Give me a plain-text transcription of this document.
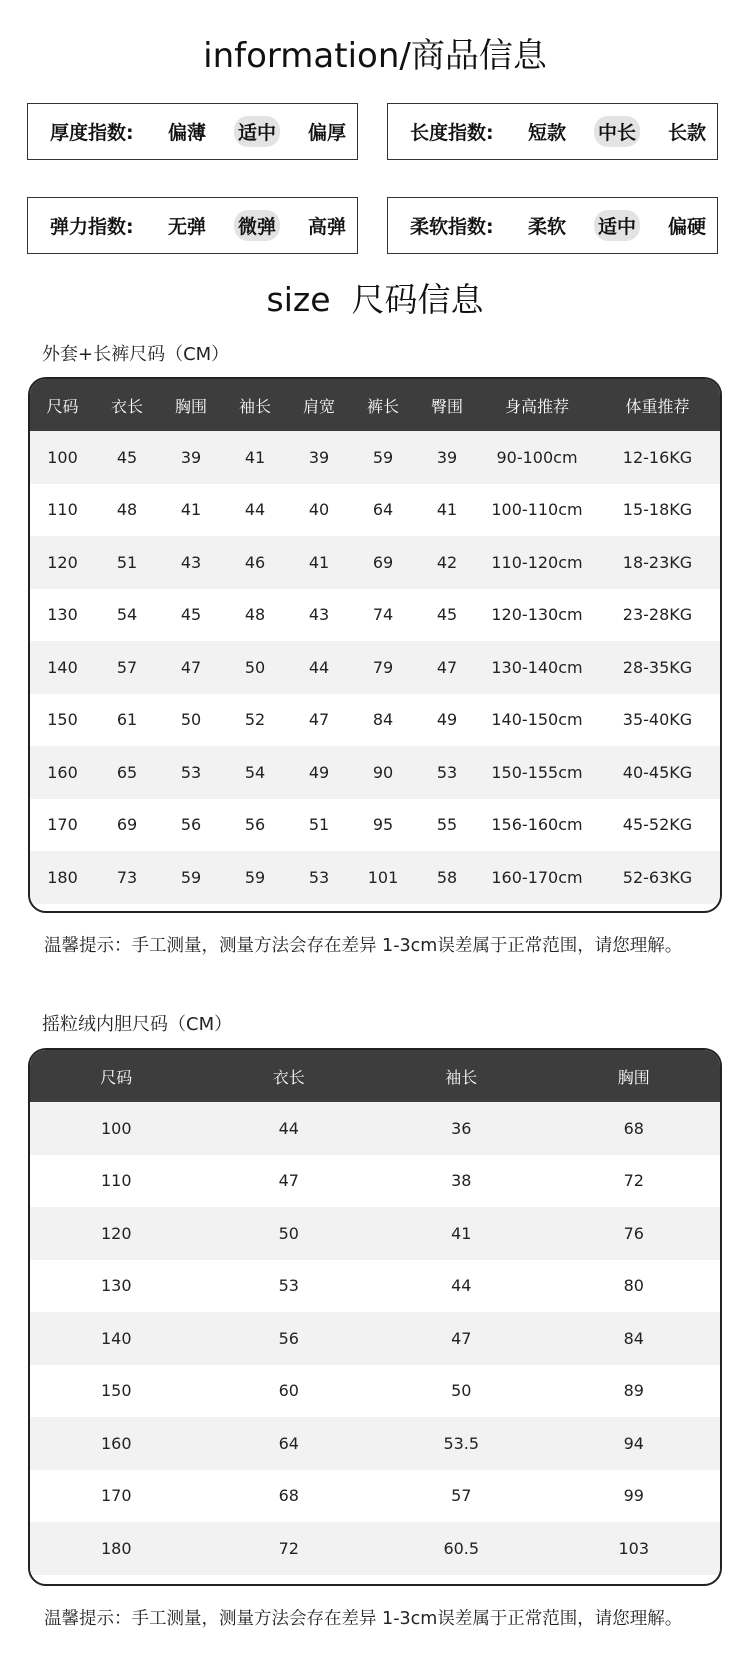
information/商品信息
厚度指数:	偏薄 适中 偏厚	长度指数:	短款 中长 长款
弹力指数:	无弹 微弹 高弹	柔软指数:	柔软 适中 偏硬
size  尺码信息
外套+长裤尺码（CM）
尺码	衣长	胸围	袖长	肩宽	裤长	臀围	身高推荐	体重推荐
100	45	39	41	39	59	39	90-100cm	12-16KG
110	48	41	44	40	64	41	100-110cm	15-18KG
120	51	43	46	41	69	42	110-120cm	18-23KG
130	54	45	48	43	74	45	120-130cm	23-28KG
140	57	47	50	44	79	47	130-140cm	28-35KG
150	61	50	52	47	84	49	140-150cm	35-40KG
160	65	53	54	49	90	53	150-155cm	40-45KG
170	69	56	56	51	95	55	156-160cm	45-52KG
180	73	59	59	53	101	58	160-170cm	52-63KG
温馨提示：手工测量，测量方法会存在差异 1-3cm误差属于正常范围，请您理解。
摇粒绒内胆尺码（CM）
尺码	衣长	袖长	胸围
100	44	36	68
110	47	38	72
120	50	41	76
130	53	44	80
140	56	47	84
150	60	50	89
160	64	53.5	94
170	68	57	99
180	72	60.5	103
温馨提示：手工测量，测量方法会存在差异 1-3cm误差属于正常范围，请您理解。
